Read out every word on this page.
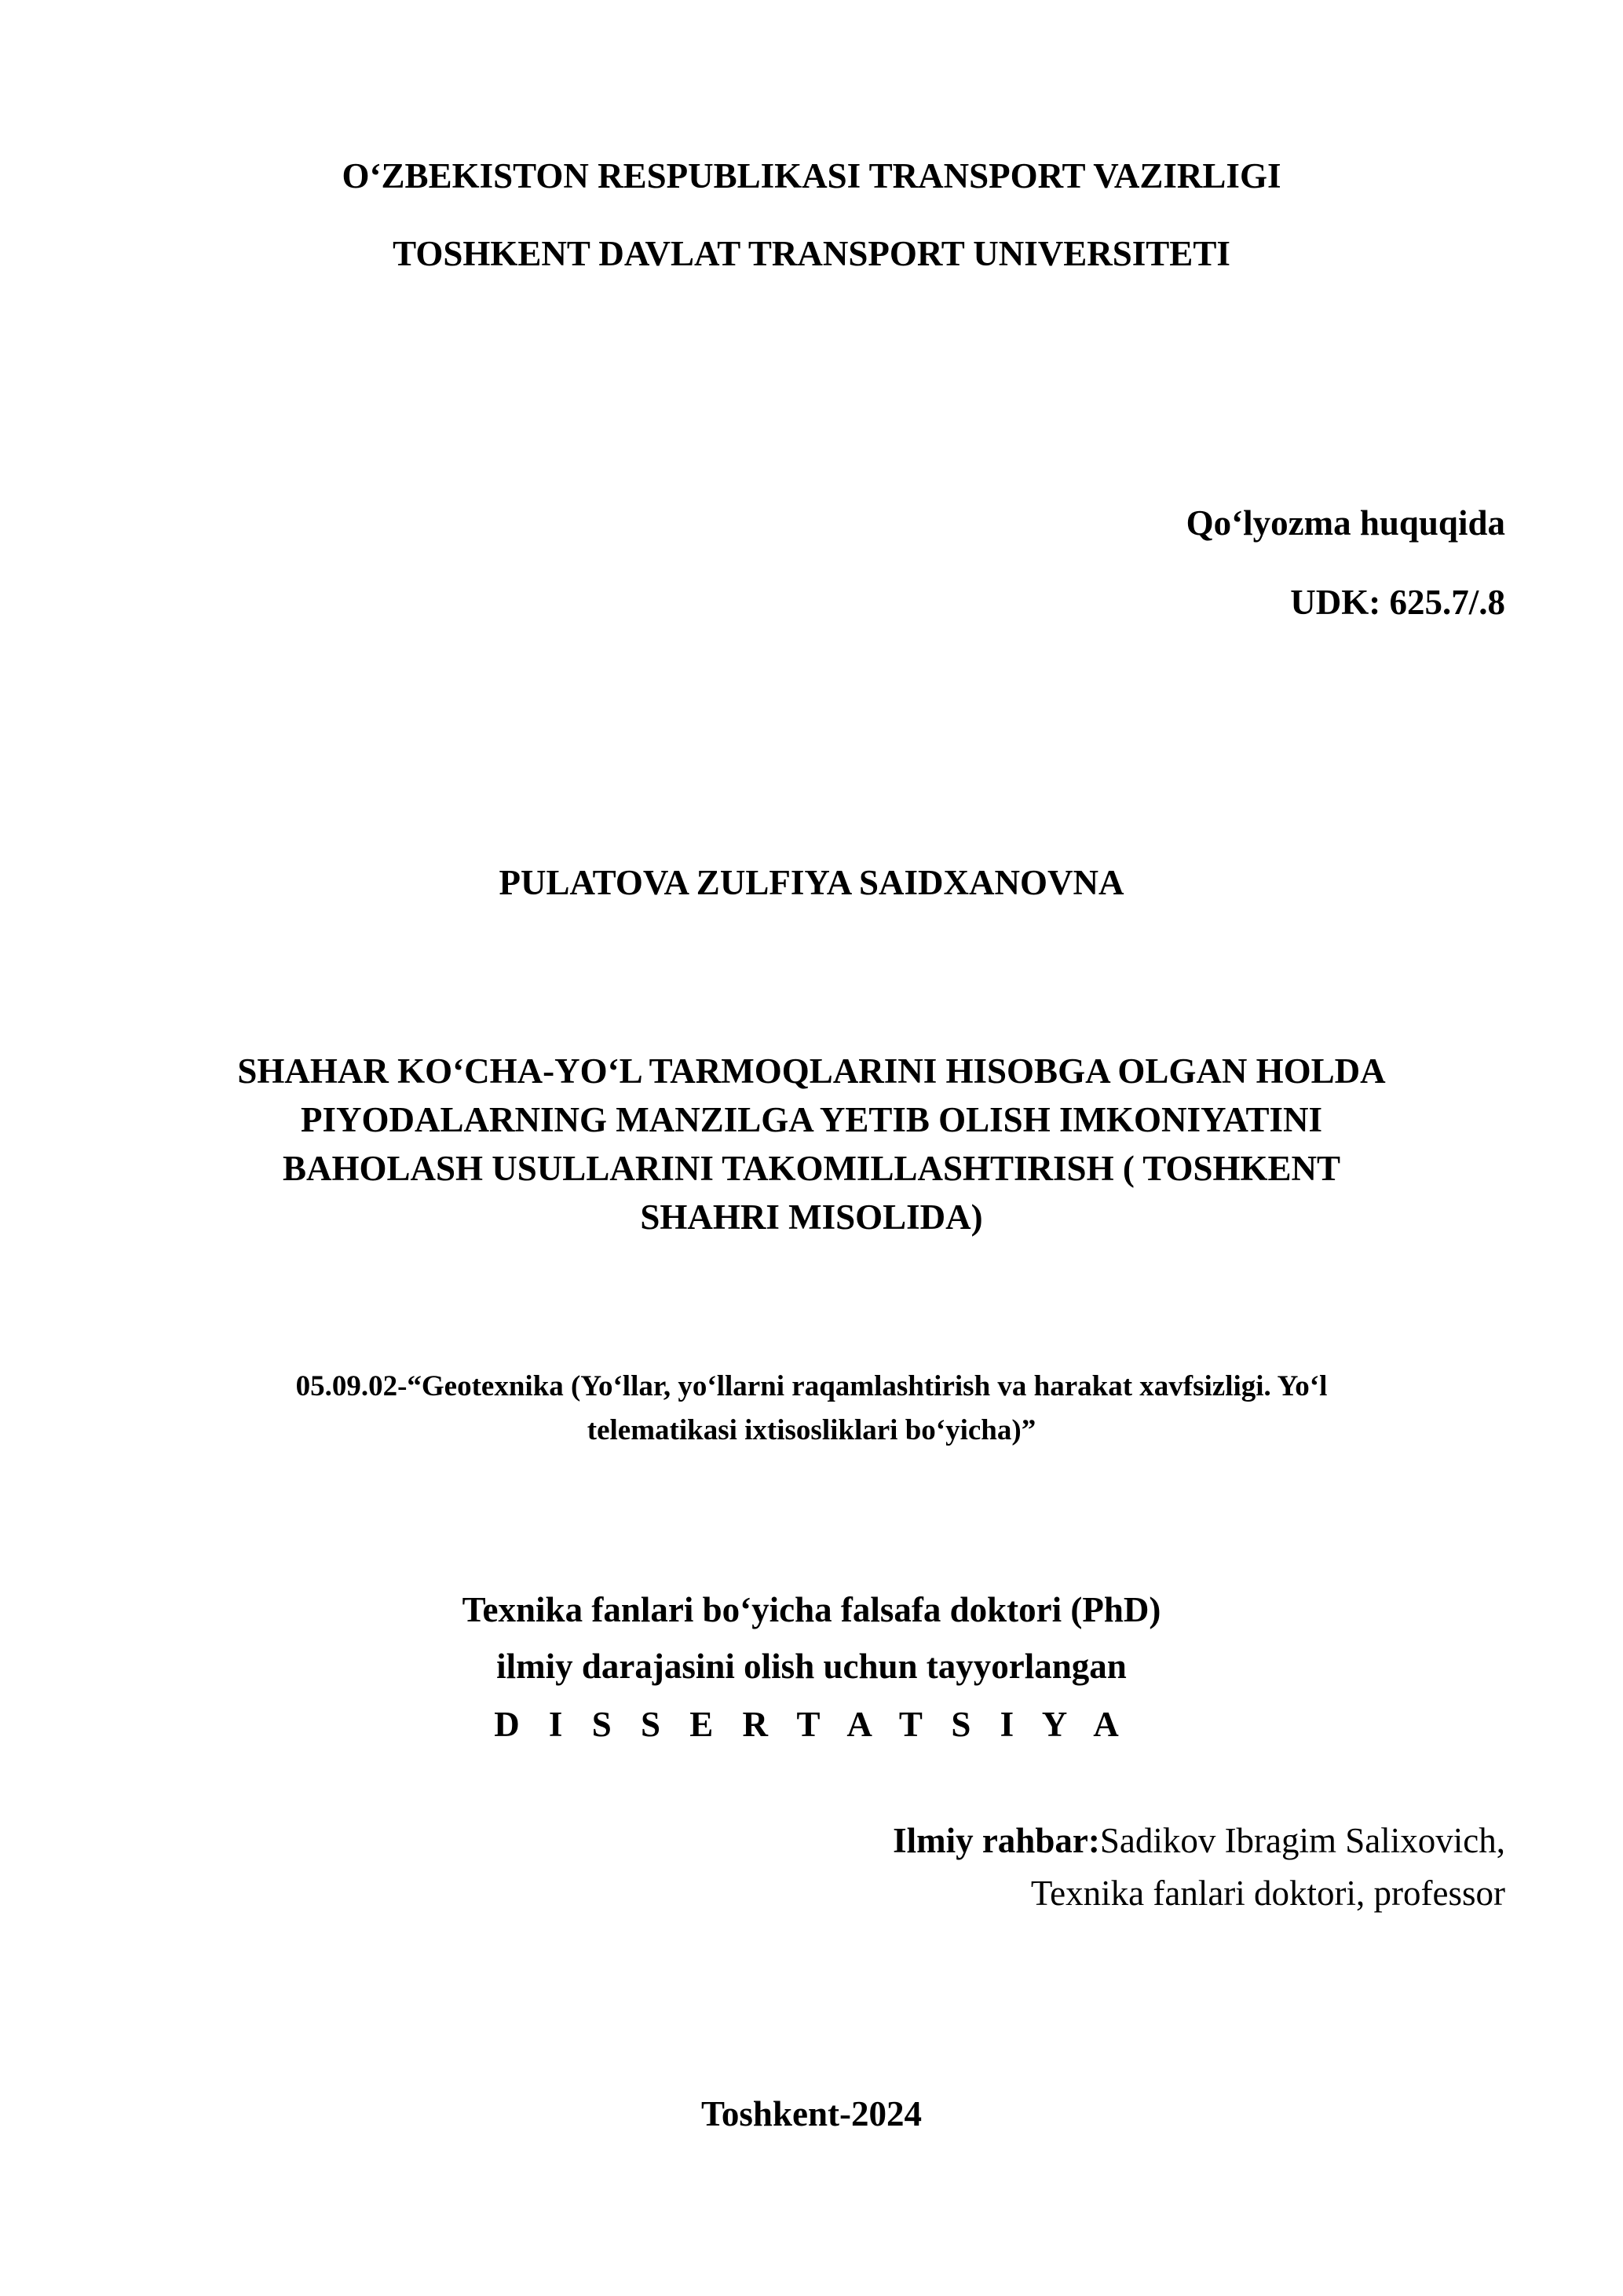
O‘ZBEKISTON RESPUBLIKASI TRANSPORT VAZIRLIGI
TOSHKENT DAVLAT TRANSPORT UNIVERSITETI
Qo‘lyozma huquqida
UDK: 625.7/.8
PULATOVA ZULFIYA SAIDXANOVNA
SHAHAR KO‘CHA-YO‘L TARMOQLARINI HISOBGA OLGAN HOLDA
PIYODALARNING MANZILGA YETIB OLISH IMKONIYATINI
BAHOLASH USULLARINI TAKOMILLASHTIRISH ( TOSHKENT
SHAHRI MISOLIDA)
05.09.02-“Geotexnika (Yo‘llar, yo‘llarni raqamlashtirish va harakat xavfsizligi. Yo‘l
telematikasi ixtisosliklari bo‘yicha)”
Texnika fanlari bo‘yicha falsafa doktori (PhD)
ilmiy darajasini olish uchun tayyorlangan
D I S S E R T A T S I Y A
Ilmiy rahbar:Sadikov Ibragim Salixovich,
Texnika fanlari doktori, professor
Toshkent-2024
